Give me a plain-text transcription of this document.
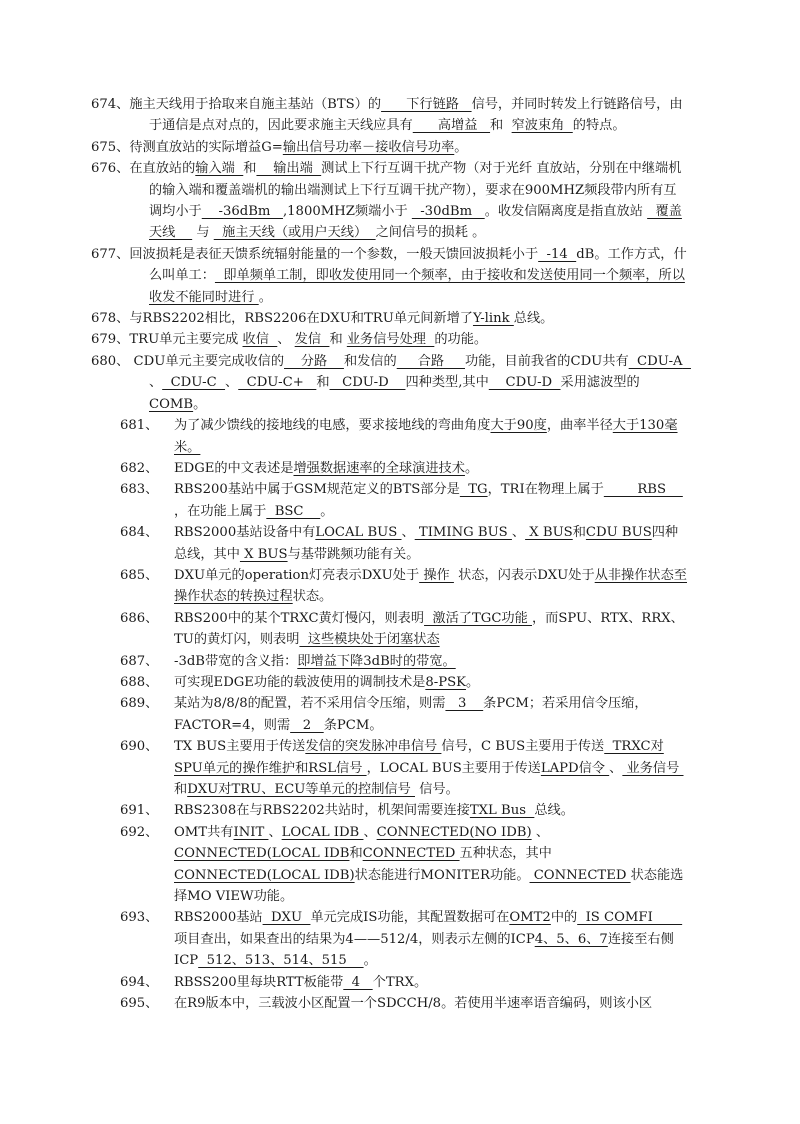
674、施主天线用于拾取来自施主基站（BTS）的      下行链路   信号，并同时转发上行链路信号，由于通信是点对点的，因此要求施主天线应具有      高增益   和  窄波束角  的特点。

675、待测直放站的实际增益G=输出信号功率－接收信号功率。

676、在直放站的输入端  和    输出端  测试上下行互调干扰产物（对于光纤 直放站，分别在中继端机的输入端和覆盖端机的输出端测试上下行互调干扰产物），要求在900MHZ频段带内所有互调均小于    -36dBm   ,1800MHZ频端小于   -30dBm   。收发信隔离度是指直放站   覆盖天线     与   施主天线（或用户天线）  之间信号的损耗 。

677、回波损耗是表征天馈系统辐射能量的一个参数，一般天馈回波损耗小于  -14  dB。工作方式，什么叫单工：  即单频单工制，即收发使用同一个频率，由于接收和发送使用同一个频率，所以收发不能同时进行 。

678、与RBS2202相比，RBS2206在DXU和TRU单元间新增了Y-link 总线。

679、TRU单元主要完成 收信  、 发信  和 业务信号处理  的功能。

680、 CDU单元主要完成收信的    分路    和发信的     合路     功能，目前我省的CDU共有  CDU-A  、  CDU-C  、  CDU-C+   和   CDU-D    四种类型,其中    CDU-D  采用滤波型的COMB。

681、 为了减少馈线的接地线的电感，要求接地线的弯曲角度大于90度，曲率半径大于130毫米。

682、 EDGE的中文表述是增强数据速率的全球演进技术。

683、 RBS200基站中属于GSM规范定义的BTS部分是  TG，TRI在物理上属于        RBS    ，在功能上属于  BSC    。

684、 RBS2000基站设备中有LOCAL BUS 、 TIMING BUS 、 X BUS和CDU BUS四种总线，其中 X BUS与基带跳频功能有关。

685、 DXU单元的operation灯亮表示DXU处于 操作  状态，闪表示DXU处于从非操作状态至操作状态的转换过程状态。

686、 RBS200中的某个TRXC黄灯慢闪，则表明  激活了TGC功能 ，而SPU、RTX、RRX、TU的黄灯闪，则表明  这些模块处于闭塞状态

687、 -3dB带宽的含义指：即增益下降3dB时的带宽。

688、 可实现EDGE功能的载波使用的调制技术是8-PSK。

689、 某站为8/8/8的配置，若不采用信令压缩，则需   3    条PCM；若采用信令压缩，FACTOR=4，则需   2   条PCM。

690、 TX BUS主要用于传送发信的突发脉冲串信号 信号，C BUS主要用于传送  TRXC对SPU单元的操作维护和RSL信号 ，LOCAL BUS主要用于传送LAPD信令 、 业务信号 和DXU对TRU、ECU等单元的控制信号  信号。

691、 RBS2308在与RBS2202共站时，机架间需要连接TXL Bus  总线。

692、 OMT共有INIT 、LOCAL IDB 、CONNECTED(NO IDB) 、 CONNECTED(LOCAL IDB和CONNECTED 五种状态，其中CONNECTED(LOCAL IDB)状态能进行MONITER功能。 CONNECTED 状态能选择MO VIEW功能。

693、 RBS2000基站  DXU  单元完成IS功能，其配置数据可在OMT2中的  IS COMFI       项目查出，如果查出的结果为4——512/4，则表示左侧的ICP4、5、6、7连接至右侧ICP  512、513、514、515    。

694、 RBSS200里每块RTT板能带  4   个TRX。

695、 在R9版本中，三载波小区配置一个SDCCH/8。若使用半速率语音编码，则该小区
